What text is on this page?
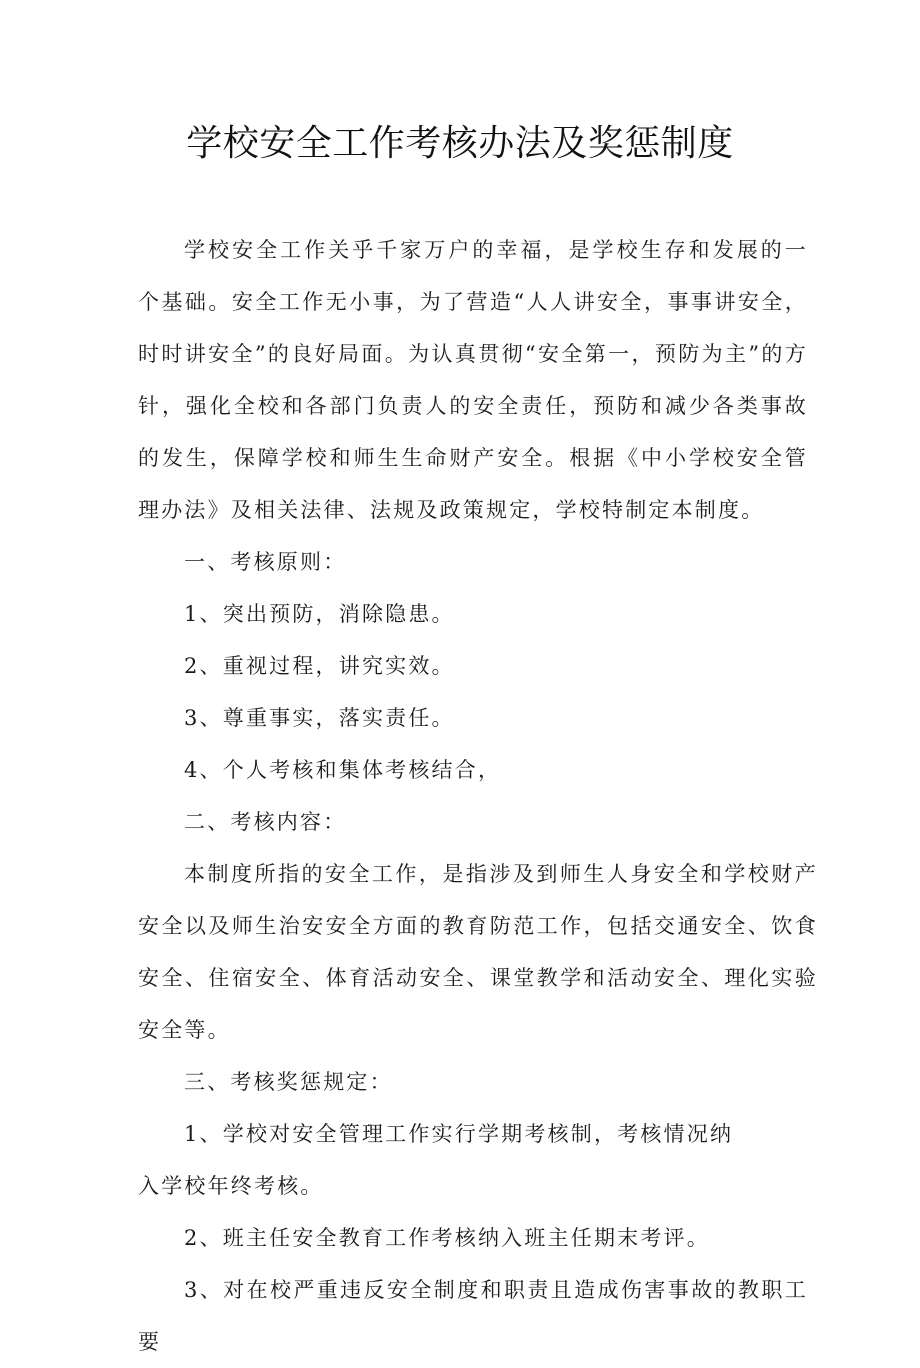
学校安全工作考核办法及奖惩制度

学校安全工作关乎千家万户的幸福，是学校生存和发展的一个基础。安全工作无小事，为了营造“人人讲安全，事事讲安全，时时讲安全”的良好局面。为认真贯彻“安全第一，预防为主”的方针，强化全校和各部门负责人的安全责任，预防和减少各类事故的发生，保障学校和师生生命财产安全。根据《中小学校安全管理办法》及相关法律、法规及政策规定，学校特制定本制度。

一、考核原则：

1、突出预防，消除隐患。

2、重视过程，讲究实效。

3、尊重事实，落实责任。

4、个人考核和集体考核结合，

二、考核内容：

本制度所指的安全工作，是指涉及到师生人身安全和学校财产安全以及师生治安安全方面的教育防范工作，包括交通安全、饮食安全、住宿安全、体育活动安全、课堂教学和活动安全、理化实验安全等。

三、考核奖惩规定：

1、学校对安全管理工作实行学期考核制，考核情况纳

入学校年终考核。

2、班主任安全教育工作考核纳入班主任期末考评。

3、对在校严重违反安全制度和职责且造成伤害事故的教职工要
